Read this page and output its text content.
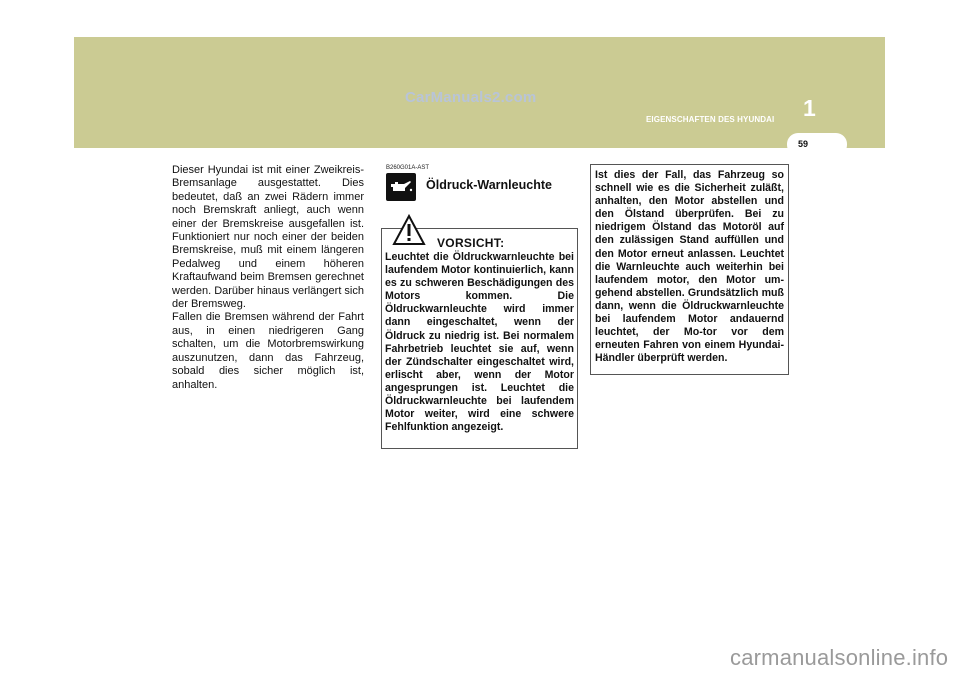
CarManuals2.com	1
EIGENSCHAFTEN DES HYUNDAI
59

Dieser Hyundai ist mit einer Zweikreis-Bremsanlage ausgestattet. Dies bedeutet, daß an zwei Rädern immer noch Bremskraft anliegt, auch wenn einer der Bremskreise ausgefallen ist. Funktioniert nur noch einer der beiden Bremskreise, muß mit einem längeren Pedalweg und einem höheren Kraftaufwand beim Bremsen gerechnet werden. Darüber hinaus verlängert sich der Bremsweg.

Fallen die Bremsen während der Fahrt aus, in einen niedrigeren Gang schalten, um die Motorbremswirkung auszunutzen, dann das Fahrzeug, sobald dies sicher möglich ist, anhalten.

B260G01A-AST
Öldruck-Warnleuchte
VORSICHT:
Leuchtet die Öldruckwarnleuchte bei laufendem Motor kontinuierlich, kann es zu schweren Beschädigungen des Motors kommen. Die Öldruckwarnleuchte wird immer dann eingeschaltet, wenn der Öldruck zu niedrig ist. Bei normalem Fahrbetrieb leuchtet sie auf, wenn der Zündschalter eingeschaltet wird, erlischt aber, wenn der Motor angesprungen ist. Leuchtet die Öldruckwarnleuchte bei laufendem Motor weiter, wird eine schwere Fehlfunktion angezeigt.
Ist dies der Fall, das Fahrzeug so schnell wie es die Sicherheit zuläßt, anhalten, den Motor abstellen und den Ölstand überprüfen. Bei zu niedrigem Ölstand das Motoröl auf den zulässigen Stand auffüllen und den Motor erneut anlassen. Leuchtet die Warnleuchte auch weiterhin bei laufendem motor, den Motor um-gehend abstellen. Grundsätzlich muß dann, wenn die Öldruckwarnleuchte bei laufendem Motor andauernd leuchtet, der Mo-tor vor dem erneuten Fahren von einem Hyundai-Händler überprüft werden.
carmanualsonline.info
